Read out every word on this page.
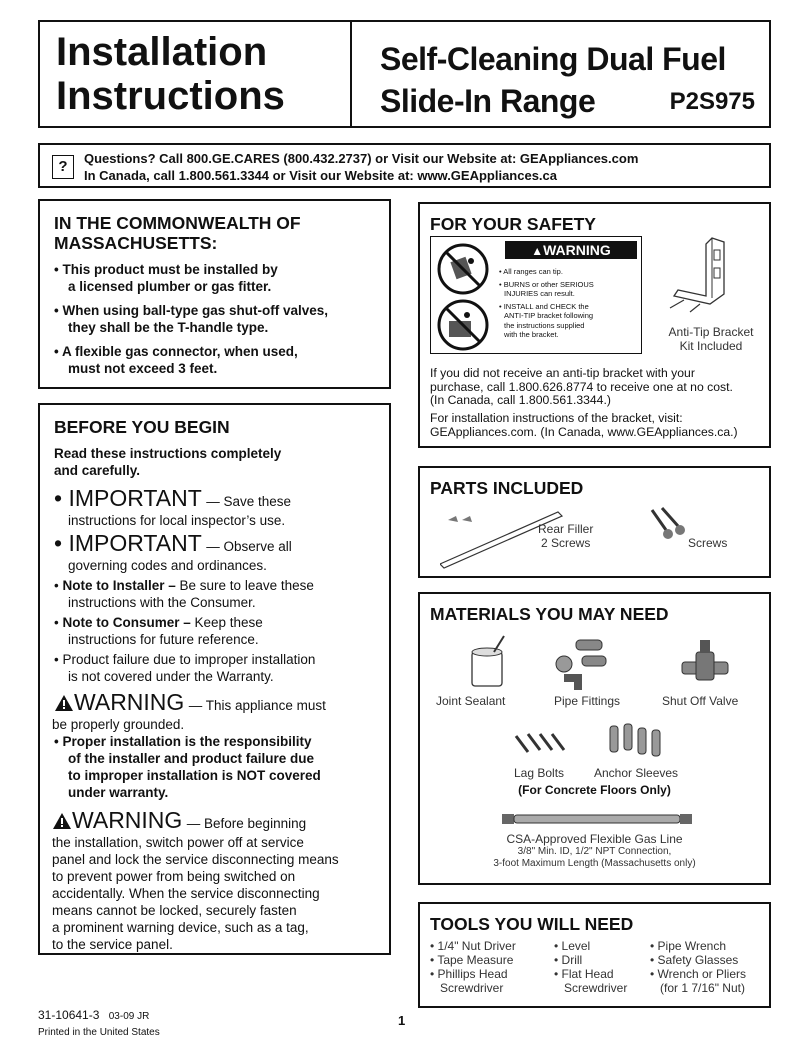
Installation
Instructions
Self-Cleaning Dual Fuel
Slide-In Range	P2S975
?	Questions? Call 800.GE.CARES (800.432.2737) or Visit our Website at: GEAppliances.com
In Canada, call 1.800.561.3344 or Visit our Website at: www.GEAppliances.ca
IN THE COMMONWEALTH OF
MASSACHUSETTS:
• This product must be installed by
a licensed plumber or gas fitter.
• When using ball-type gas shut-off valves,
they shall be the T-handle type.
• A flexible gas connector, when used,
must not exceed 3 feet.
BEFORE YOU BEGIN
Read these instructions completely
and carefully.
• IMPORTANT — Save these
instructions for local inspector’s use.
• IMPORTANT — Observe all
governing codes and ordinances.
• Note to Installer – Be sure to leave these
instructions with the Consumer.
• Note to Consumer – Keep these
instructions for future reference.
• Product failure due to improper installation
is not covered under the Warranty.
WARNING — This appliance must
be properly grounded.
• Proper installation is the responsibility
of the installer and product failure due
to improper installation is NOT covered
under warranty.
WARNING — Before beginning
the installation, switch power off at service
panel and lock the service disconnecting means
to prevent power from being switched on
accidentally. When the service disconnecting
means cannot be locked, securely fasten
a prominent warning device, such as a tag,
to the service panel.
FOR YOUR SAFETY
▲WARNING
• All ranges can tip.
• BURNS or other SERIOUS
INJURIES can result.
• INSTALL and CHECK the
ANTI-TIP bracket following
the instructions supplied
with the bracket.	Anti-Tip Bracket
Kit Included
If you did not receive an anti-tip bracket with your
purchase, call 1.800.626.8774 to receive one at no cost.
(In Canada, call 1.800.561.3344.)
For installation instructions of the bracket, visit:
GEAppliances.com. (In Canada, www.GEAppliances.ca.)
PARTS INCLUDED
Rear Filler
2 Screws	Screws
MATERIALS YOU MAY NEED
Joint Sealant	Pipe Fittings	Shut Off Valve
Lag Bolts Anchor Sleeves
(For Concrete Floors Only)
CSA-Approved Flexible Gas Line
3/8" Min. ID, 1/2" NPT Connection,
3-foot Maximum Length (Massachusetts only)
TOOLS YOU WILL NEED
• 1/4" Nut Driver
• Tape Measure
• Phillips Head
Screwdriver
• Level
• Drill
• Flat Head
Screwdriver
• Pipe Wrench
• Safety Glasses
• Wrench or Pliers
(for 1 7/16" Nut)
31-10641-3 03-09 JR
Printed in the United States
1
